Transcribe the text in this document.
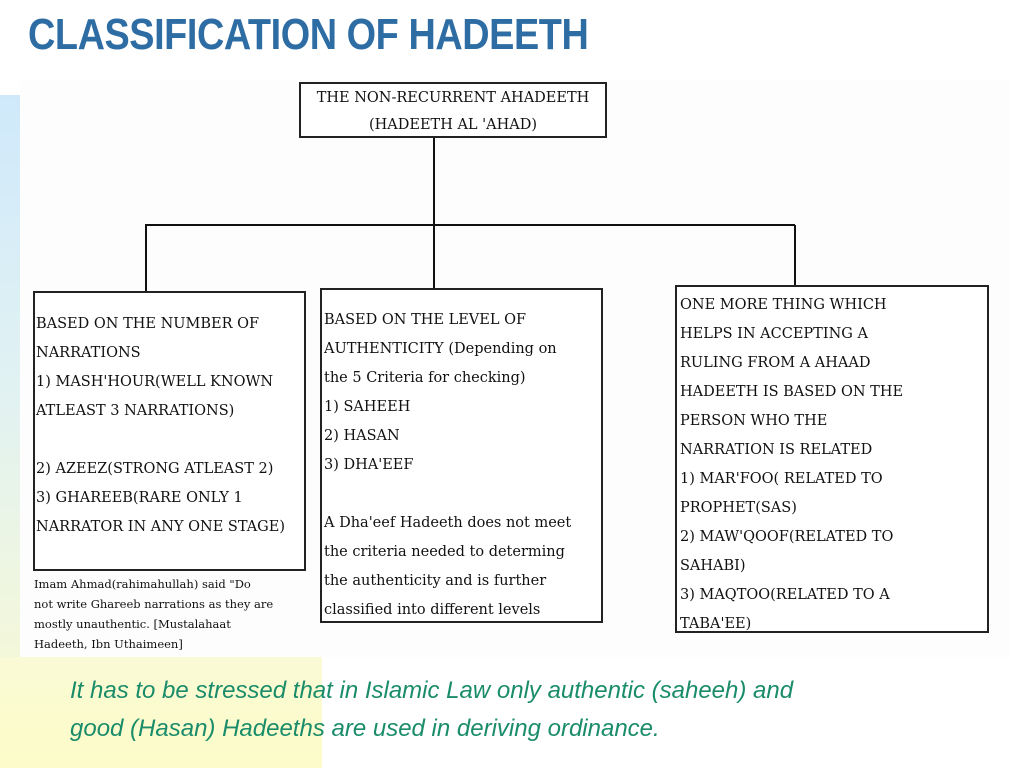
CLASSIFICATION OF HADEETH
THE NON-RECURRENT AHADEETH
(HADEETH AL 'AHAD)
BASED ON THE NUMBER OF
NARRATIONS
1) MASH'HOUR(WELL KNOWN
ATLEAST 3 NARRATIONS)
2) AZEEZ(STRONG ATLEAST 2)
3) GHAREEB(RARE ONLY 1
NARRATOR IN ANY ONE STAGE)
Imam Ahmad(rahimahullah) said "Do
not write Ghareeb narrations as they are
mostly unauthentic. [Mustalahaat
Hadeeth, Ibn Uthaimeen]
BASED ON THE LEVEL OF
AUTHENTICITY (Depending on
the 5 Criteria for checking)
1) SAHEEH
2) HASAN
3) DHA'EEF
A Dha'eef Hadeeth does not meet
the criteria needed to determing
the authenticity and is further
classified into different levels
ONE MORE THING WHICH
HELPS IN ACCEPTING A
RULING FROM A AHAAD
HADEETH IS BASED ON THE
PERSON WHO THE
NARRATION IS RELATED
1) MAR'FOO( RELATED TO
PROPHET(SAS)
2) MAW'QOOF(RELATED TO
SAHABI)
3) MAQTOO(RELATED TO A
TABA'EE)
It has to be stressed that in Islamic Law only authentic (saheeh) and
good (Hasan) Hadeeths are used in deriving ordinance.
